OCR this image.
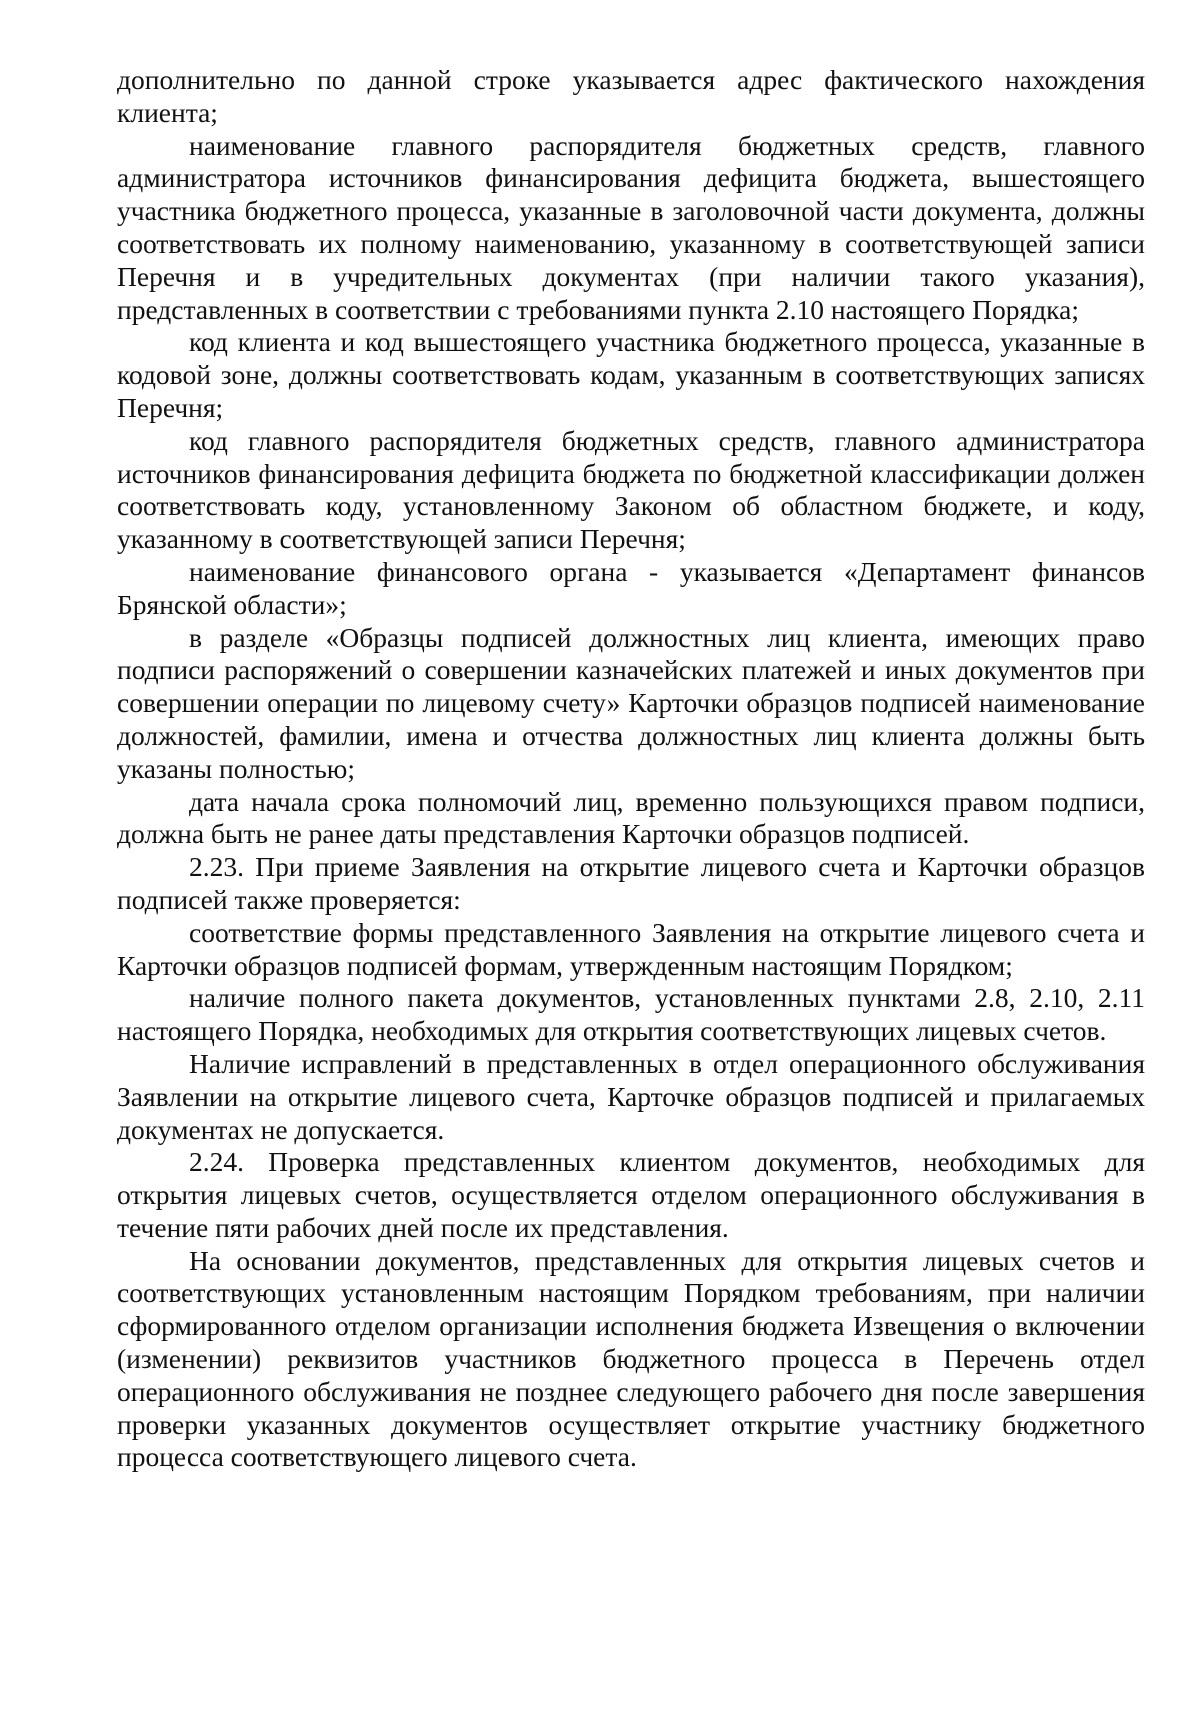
дополнительно по данной строке указывается адрес фактического нахождения клиента;

наименование главного распорядителя бюджетных средств, главного администратора источников финансирования дефицита бюджета, вышестоящего участника бюджетного процесса, указанные в заголовочной части документа, должны соответствовать их полному наименованию, указанному в соответствующей записи Перечня и в учредительных документах (при наличии такого указания), представленных в соответствии с требованиями пункта 2.10 настоящего Порядка;

код клиента и код вышестоящего участника бюджетного процесса, указанные в кодовой зоне, должны соответствовать кодам, указанным в соответствующих записях Перечня;

код главного распорядителя бюджетных средств, главного администратора источников финансирования дефицита бюджета по бюджетной классификации должен соответствовать коду, установленному Законом об областном бюджете, и коду, указанному в соответствующей записи Перечня;

наименование финансового органа - указывается «Департамент финансов Брянской области»;

в разделе «Образцы подписей должностных лиц клиента, имеющих право подписи распоряжений о совершении казначейских платежей и иных документов при совершении операции по лицевому счету» Карточки образцов подписей наименование должностей, фамилии, имена и отчества должностных лиц клиента должны быть указаны полностью;

дата начала срока полномочий лиц, временно пользующихся правом подписи, должна быть не ранее даты представления Карточки образцов подписей.

2.23. При приеме Заявления на открытие лицевого счета и Карточки образцов подписей также проверяется:

соответствие формы представленного Заявления на открытие лицевого счета и Карточки образцов подписей формам, утвержденным настоящим Порядком;

наличие полного пакета документов, установленных пунктами 2.8, 2.10, 2.11 настоящего Порядка, необходимых для открытия соответствующих лицевых счетов.

Наличие исправлений в представленных в отдел операционного обслуживания Заявлении на открытие лицевого счета, Карточке образцов подписей и прилагаемых документах не допускается.

2.24. Проверка представленных клиентом документов, необходимых для открытия лицевых счетов, осуществляется отделом операционного обслуживания в течение пяти рабочих дней после их представления.

На основании документов, представленных для открытия лицевых счетов и соответствующих установленным настоящим Порядком требованиям, при наличии сформированного отделом организации исполнения бюджета Извещения о включении (изменении) реквизитов участников бюджетного процесса в Перечень отдел операционного обслуживания не позднее следующего рабочего дня после завершения проверки указанных документов осуществляет открытие участнику бюджетного процесса соответствующего лицевого счета.
